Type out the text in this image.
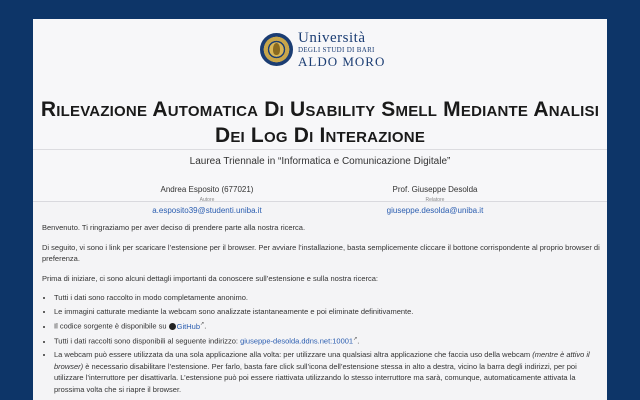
Università
DEGLI STUDI DI BARI
ALDO MORO
Rilevazione Automatica Di Usability Smell Mediante Analisi Dei Log Di Interazione
Laurea Triennale in “Informatica e Comunicazione Digitale”
Andrea Esposito (677021)
Autore
a.esposito39@studenti.uniba.it
Prof. Giuseppe Desolda
Relatore
giuseppe.desolda@uniba.it

Benvenuto. Ti ringraziamo per aver deciso di prendere parte alla nostra ricerca.

Di seguito, vi sono i link per scaricare l’estensione per il browser. Per avviare l’installazione, basta semplicemente cliccare il bottone corrispondente al proprio browser di preferenza.

Prima di iniziare, ci sono alcuni dettagli importanti da conoscere sull’estensione e sulla nostra ricerca:

• Tutti i dati sono raccolto in modo completamente anonimo.
• Le immagini catturate mediante la webcam sono analizzate istantaneamente e poi eliminate definitivamente.
• Il codice sorgente è disponibile su GitHub↗.
• Tutti i dati raccolti sono disponibili al seguente indirizzo: giuseppe-desolda.ddns.net:10001↗.
• La webcam può essere utilizzata da una sola applicazione alla volta: per utilizzare una qualsiasi altra applicazione che faccia uso della webcam (mentre è attivo il browser) è necessario disabilitare l’estensione. Per farlo, basta fare click sull’icona dell’estensione stessa in alto a destra, vicino la barra degli indirizzi, per poi utilizzare l’interruttore per disattivarla. L’estensione può poi essere riattivata utilizzando lo stesso interruttore ma sarà, comunque, automaticamente attivata la prossima volta che si riapre il browser.
